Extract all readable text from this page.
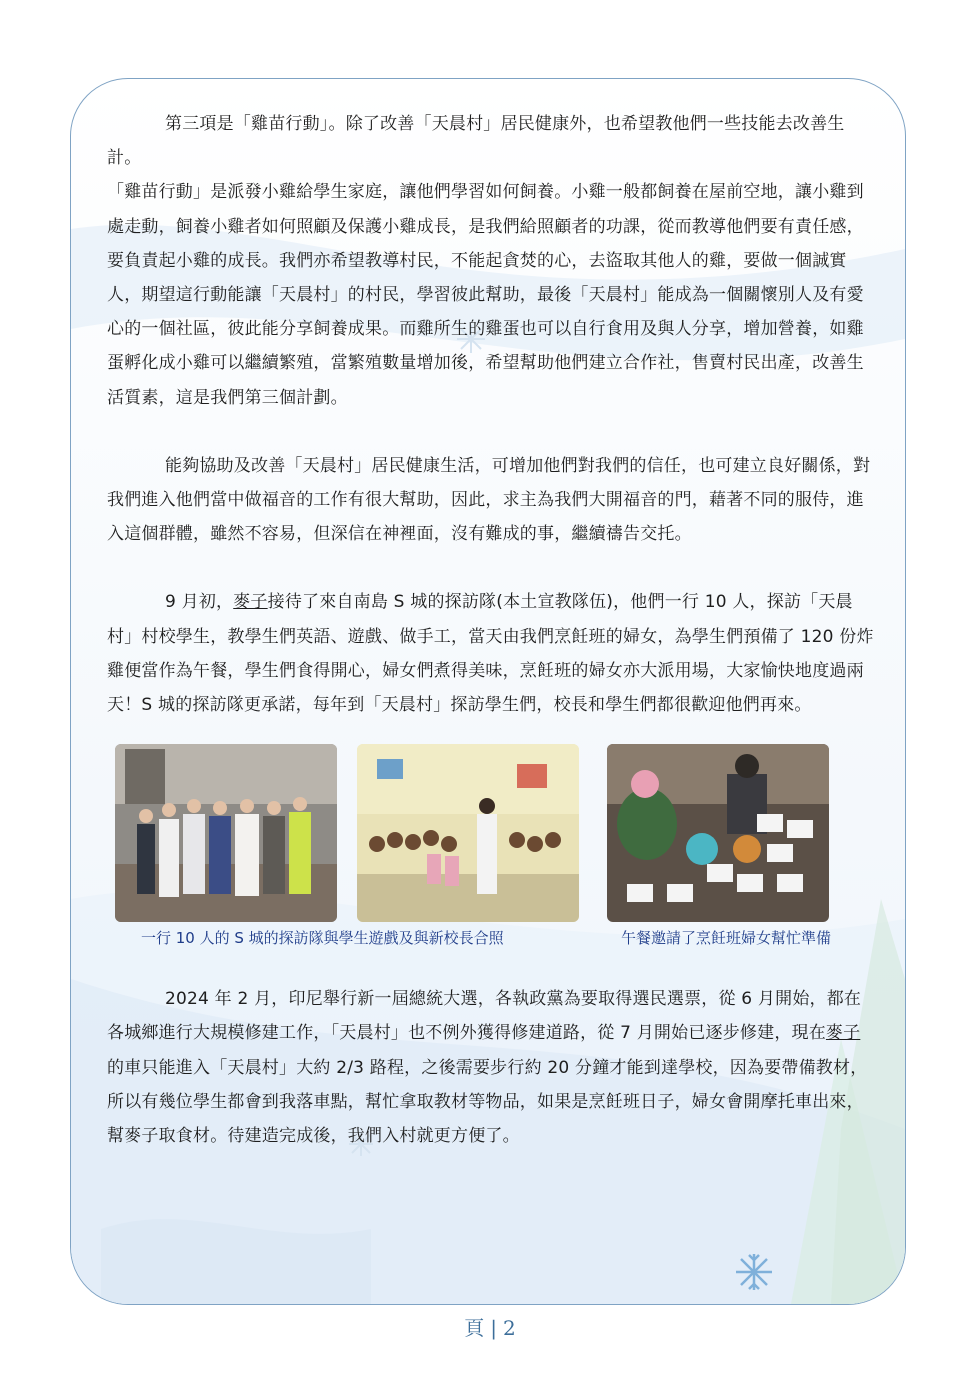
第三項是「雞苗行動」。除了改善「天晨村」居民健康外，也希望教他們一些技能去改善生計。

「雞苗行動」是派發小雞給學生家庭，讓他們學習如何飼養。小雞一般都飼養在屋前空地，讓小雞到處走動，飼養小雞者如何照顧及保護小雞成長，是我們給照顧者的功課，從而教導他們要有責任感，要負責起小雞的成長。我們亦希望教導村民，不能起貪焚的心，去盜取其他人的雞，要做一個誠實人，期望這行動能讓「天晨村」的村民，學習彼此幫助，最後「天晨村」能成為一個關懷別人及有愛心的一個社區，彼此能分享飼養成果。而雞所生的雞蛋也可以自行食用及與人分享，增加營養，如雞蛋孵化成小雞可以繼續繁殖，當繁殖數量增加後，希望幫助他們建立合作社，售賣村民出產，改善生活質素，這是我們第三個計劃。

能夠協助及改善「天晨村」居民健康生活，可增加他們對我們的信任，也可建立良好關係，對我們進入他們當中做福音的工作有很大幫助，因此，求主為我們大開福音的門，藉著不同的服侍，進入這個群體，雖然不容易，但深信在神裡面，沒有難成的事，繼續禱告交托。

9 月初，麥子接待了來自南島 S 城的探訪隊(本土宣教隊伍)，他們一行 10 人，探訪「天晨村」村校學生，教學生們英語、遊戲、做手工，當天由我們烹飪班的婦女，為學生們預備了 120 份炸雞便當作為午餐，學生們食得開心，婦女們煮得美味，烹飪班的婦女亦大派用場，大家愉快地度過兩天！S 城的探訪隊更承諾，每年到「天晨村」探訪學生們，校長和學生們都很歡迎他們再來。

一行 10 人的 S 城的探訪隊與學生遊戲及與新校長合照	午餐邀請了烹飪班婦女幫忙準備

2024 年 2 月，印尼舉行新一屆總統大選，各執政黨為要取得選民選票，從 6 月開始，都在各城鄉進行大規模修建工作，「天晨村」也不例外獲得修建道路，從 7 月開始已逐步修建，現在麥子的車只能進入「天晨村」大約 2/3 路程，之後需要步行約 20 分鐘才能到達學校，因為要帶備教材，所以有幾位學生都會到我落車點，幫忙拿取教材等物品，如果是烹飪班日子，婦女會開摩托車出來，幫麥子取食材。待建造完成後，我們入村就更方便了。

頁 | 2
